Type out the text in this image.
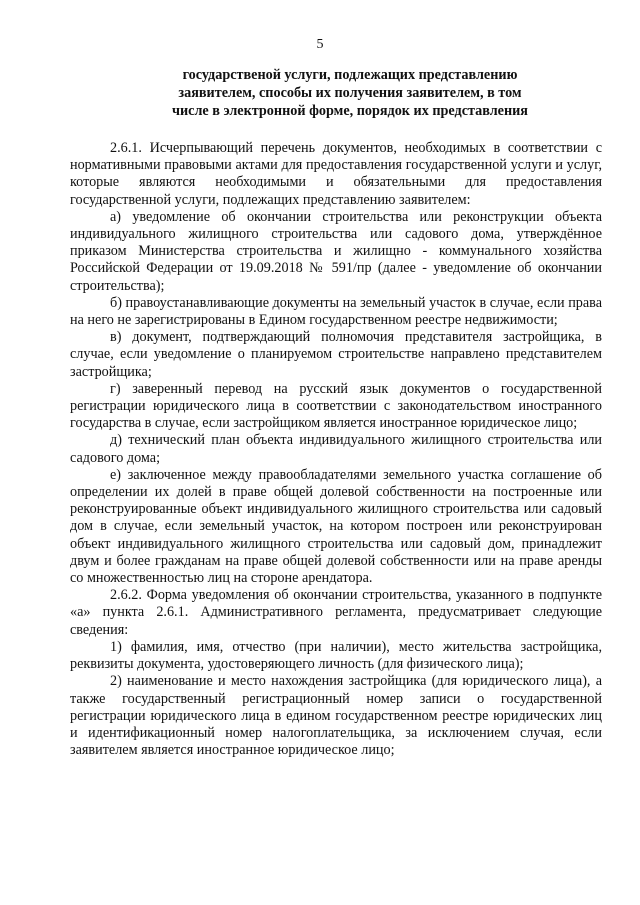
5
государственой услуги, подлежащих представлению
заявителем, способы их получения заявителем, в том
числе в электронной форме, порядок их представления

2.6.1. Исчерпывающий перечень документов, необходимых в соответствии с нормативными правовыми актами для предоставления государственной услуги и услуг, которые являются необходимыми и обязательными для предоставления государственной услуги, подлежащих представлению заявителем:

а) уведомление об окончании строительства или реконструкции объекта индивидуального жилищного строительства или садового дома, утверждённое приказом Министерства строительства и жилищно - коммунального хозяйства Российской Федерации от 19.09.2018 № 591/пр (далее - уведомление об окончании строительства);

б) правоустанавливающие документы на земельный участок в случае, если права на него не зарегистрированы в Едином государственном реестре недвижимости;

в) документ, подтверждающий полномочия представителя застройщика, в случае, если уведомление о планируемом строительстве направлено представителем застройщика;

г) заверенный перевод на русский язык документов о государственной регистрации юридического лица в соответствии с законодательством иностранного государства в случае, если застройщиком является иностранное юридическое лицо;

д) технический план объекта индивидуального жилищного строительства или садового дома;

е) заключенное между правообладателями земельного участка соглашение об определении их долей в праве общей долевой собственности на построенные или реконструированные объект индивидуального жилищного строительства или садовый дом в случае, если земельный участок, на котором построен или реконструирован объект индивидуального жилищного строительства или садовый дом, принадлежит двум и более гражданам на праве общей долевой собственности или на праве аренды со множественностью лиц на стороне арендатора.

2.6.2. Форма уведомления об окончании строительства, указанного в подпункте «а» пункта 2.6.1. Административного регламента, предусматривает следующие сведения:

1) фамилия, имя, отчество (при наличии), место жительства застройщика, реквизиты документа, удостоверяющего личность (для физического лица);

2) наименование и место нахождения застройщика (для юридического лица), а также государственный регистрационный номер записи о государственной регистрации юридического лица в едином государственном реестре юридических лиц и идентификационный номер налогоплательщика, за исключением случая, если заявителем является иностранное юридическое лицо;
